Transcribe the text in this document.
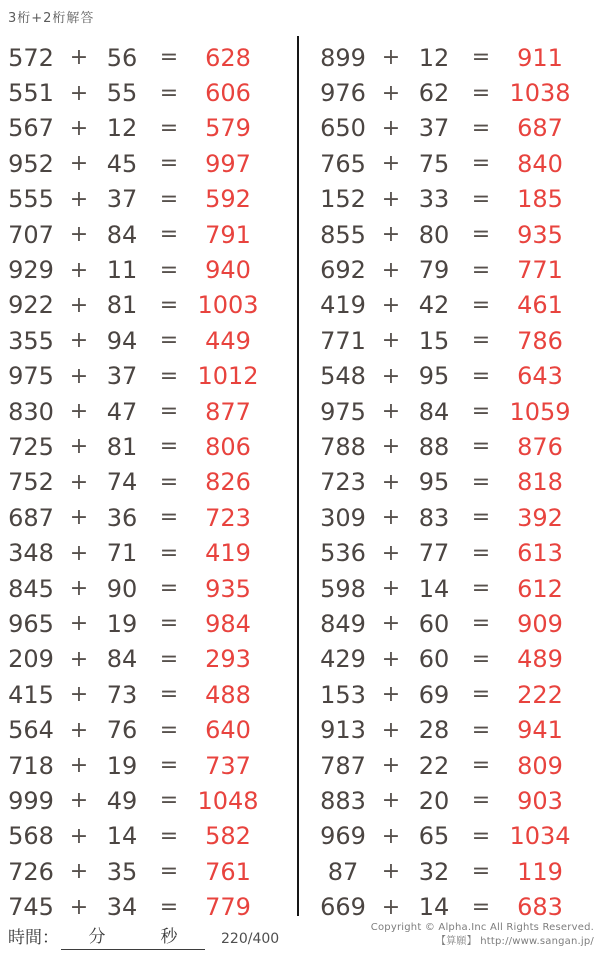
3桁+2桁解答
572 + 56	=	628
551 + 55	=	606
567 + 12	=	579
952 + 45	=	997
555 + 37	=	592
707 + 84	=	791
929 + 11	=	940
922 + 81	= 1003
355 + 94	=	449
975 + 37	= 1012
830 + 47	=	877
725 + 81	=	806
752 + 74	=	826
687 + 36	=	723
348 + 71	=	419
845 + 90	=	935
965 + 19	=	984
209 + 84	=	293
415 + 73	=	488
564 + 76	=	640
718 + 19	=	737
999 + 49	= 1048
568 + 14	=	582
726 + 35	=	761
745 + 34	=	779
899 + 12	=	911
976 + 62	= 1038
650 + 37	=	687
765 + 75	=	840
152 + 33	=	185
855 + 80	=	935
692 + 79	=	771
419 + 42	=	461
771 + 15	=	786
548 + 95	=	643
975 + 84	= 1059
788 + 88	=	876
723 + 95	=	818
309 + 83	=	392
536 + 77	=	613
598 + 14	=	612
849 + 60	=	909
429 + 60	=	489
153 + 69	=	222
913 + 28	=	941
787 + 22	=	809
883 + 20	=	903
969 + 65	= 1034
87	+ 32	=	119
669 + 14	=	683
時間： 分	秒	220/400
Copyright © Alpha.Inc All Rights Reserved.
【算願】 http://www.sangan.jp/
